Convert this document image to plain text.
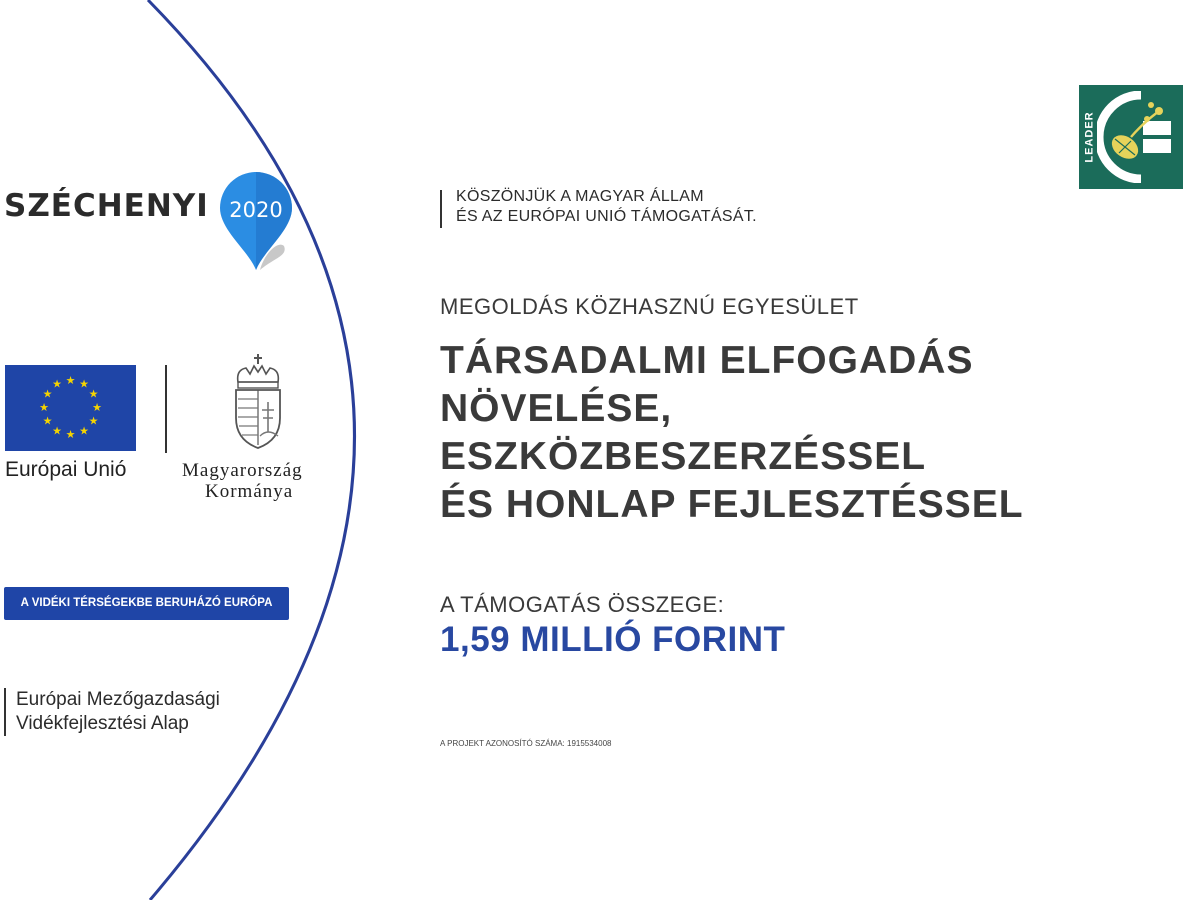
SZÉCHENYI 2020
★ ★
★
★
★
★
★
★
★
★
★
★
Európai Unió	Magyarország
Kormánya
A VIDÉKI TÉRSÉGEKBE BERUHÁZÓ EURÓPA
Európai Mezőgazdasági
Vidékfejlesztési Alap
KÖSZÖNJÜK A MAGYAR ÁLLAM
ÉS AZ EURÓPAI UNIÓ TÁMOGATÁSÁT.
MEGOLDÁS KÖZHASZNÚ EGYESÜLET
TÁRSADALMI ELFOGADÁS
NÖVELÉSE,
ESZKÖZBESZERZÉSSEL
ÉS HONLAP FEJLESZTÉSSEL
A TÁMOGATÁS ÖSSZEGE:
1,59 MILLIÓ FORINT
A PROJEKT AZONOSÍTÓ SZÁMA: 1915534008
LEADER
